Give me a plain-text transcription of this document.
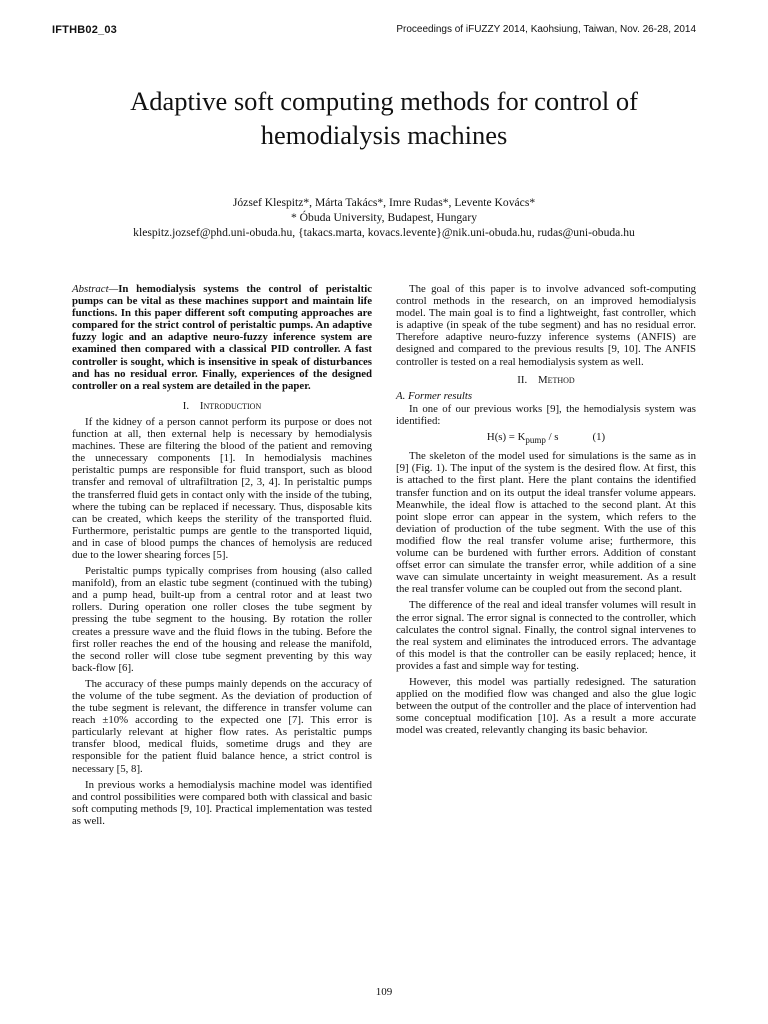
IFTHB02_03	Proceedings of iFUZZY 2014, Kaohsiung, Taiwan, Nov. 26-28, 2014
Adaptive soft computing methods for control of
hemodialysis machines
József Klespitz*, Márta Takács*, Imre Rudas*, Levente Kovács*
* Óbuda University, Budapest, Hungary
klespitz.jozsef@phd.uni-obuda.hu, {takacs.marta, kovacs.levente}@nik.uni-obuda.hu, rudas@uni-obuda.hu

Abstract—In hemodialysis systems the control of peristaltic pumps can be vital as these machines support and maintain life functions. In this paper different soft computing approaches are compared for the strict control of peristaltic pumps. An adaptive fuzzy logic and an adaptive neuro-fuzzy inference system are examined then compared with a classical PID controller. A fast controller is sought, which is insensitive in speak of disturbances and has no residual error. Finally, experiences of the designed controller on a real system are detailed in the paper.

I. Introduction

If the kidney of a person cannot perform its purpose or does not function at all, then external help is necessary by hemodialysis machines. These are filtering the blood of the patient and removing the unnecessary components [1]. In hemodialysis machines peristaltic pumps are responsible for fluid transport, such as blood transfer and removal of ultrafiltration [2, 3, 4]. In peristaltic pumps the transferred fluid gets in contact only with the inside of the tubing, where the tubing can be replaced if necessary. Thus, disposable kits can be created, which keeps the sterility of the transported fluid. Furthermore, peristaltic pumps are gentle to the transported liquid, and in case of blood pumps the chances of hemolysis are reduced due to the lower shearing forces [5].

Peristaltic pumps typically comprises from housing (also called manifold), from an elastic tube segment (continued with the tubing) and a pump head, built-up from a central rotor and at least two rollers. During operation one roller closes the tube segment by pressing the tube segment to the housing. By rotation the roller creates a pressure wave and the fluid flows in the tubing. Before the first roller reaches the end of the housing and release the manifold, the second roller will close tube segment preventing by this way back-flow [6].

The accuracy of these pumps mainly depends on the accuracy of the volume of the tube segment. As the deviation of production of the tube segment is relevant, the difference in transfer volume can reach ±10% according to the expected one [7]. This error is particularly relevant at higher flow rates. As peristaltic pumps transfer blood, medical fluids, sometime drugs and they are responsible for the patient fluid balance hence, a strict control is necessary [5, 8].

In previous works a hemodialysis machine model was identified and control possibilities were compared both with classical and basic soft computing methods [9, 10]. Practical implementation was tested as well.

The goal of this paper is to involve advanced soft-computing control methods in the research, on an improved hemodialysis model. The main goal is to find a lightweight, fast controller, which is adaptive (in speak of the tube segment) and has no residual error. Therefore adaptive neuro-fuzzy inference systems (ANFIS) are designed and compared to the previous results [9, 10]. The ANFIS controller is tested on a real hemodialysis system as well.

II. Method
A. Former results

In one of our previous works [9], the hemodialysis system was identified:

$H(s) = K_{pump} / s$	(1)

The skeleton of the model used for simulations is the same as in [9] (Fig. 1). The input of the system is the desired flow. At first, this is attached to the first plant. Here the plant contains the identified transfer function and on its output the ideal transfer volume appears. Meanwhile, the ideal flow is attached to the second plant. At this point slope error can appear in the system, which refers to the deviation of production of the tube segment. With the use of this modified flow the real transfer volume arise; furthermore, this volume can be burdened with further errors. Addition of constant offset error can simulate the transfer error, while addition of a sine wave can simulate uncertainty in weight measurement. As a result the real transfer volume can be coupled out from the second plant.

The difference of the real and ideal transfer volumes will result in the error signal. The error signal is connected to the controller, which calculates the control signal. Finally, the control signal intervenes to the real system and eliminates the introduced errors. The advantage of this model is that the controller can be easily replaced; hence, it provides a fast and simple way for testing.

However, this model was partially redesigned. The saturation applied on the modified flow was changed and also the glue logic between the output of the controller and the place of intervention had some conceptual modification [10]. As a result a more accurate model was created, relevantly changing its basic behavior.

109
